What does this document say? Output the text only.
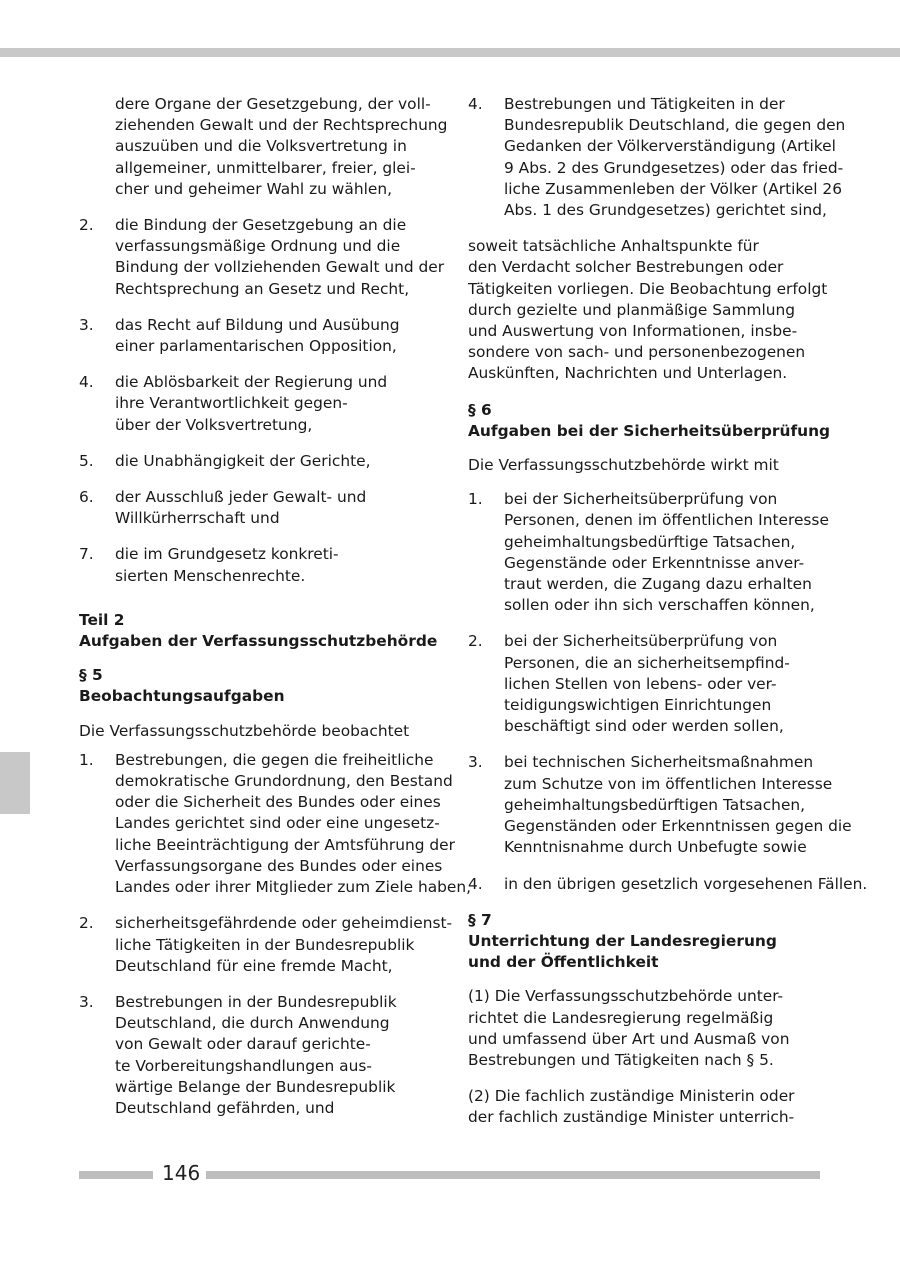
dere Organe der Gesetzgebung, der voll-
ziehenden Gewalt und der Rechtsprechung
auszuüben und die Volksvertretung in
allgemeiner, unmittelbarer, freier, glei-
cher und geheimer Wahl zu wählen,
2.	die Bindung der Gesetzgebung an die
verfassungsmäßige Ordnung und die
Bindung der vollziehenden Gewalt und der
Rechtsprechung an Gesetz und Recht,
3.	das Recht auf Bildung und Ausübung
einer parlamentarischen Opposition,
4.	die Ablösbarkeit der Regierung und
ihre Verantwortlichkeit gegen-
über der Volksvertretung,
5.	die Unabhängigkeit der Gerichte,
6.	der Ausschluß jeder Gewalt- und
Willkürherrschaft und
7.	die im Grundgesetz konkreti-
sierten Menschenrechte.
Teil 2
Aufgaben der Verfassungsschutzbehörde
§ 5
Beobachtungsaufgaben
Die Verfassungsschutzbehörde beobachtet
1.	Bestrebungen, die gegen die freiheitliche
demokratische Grundordnung, den Bestand
oder die Sicherheit des Bundes oder eines
Landes gerichtet sind oder eine ungesetz-
liche Beeinträchtigung der Amtsführung der
Verfassungsorgane des Bundes oder eines
Landes oder ihrer Mitglieder zum Ziele haben,
2.	sicherheitsgefährdende oder geheimdienst-
liche Tätigkeiten in der Bundesrepublik
Deutschland für eine fremde Macht,
3.	Bestrebungen in der Bundesrepublik
Deutschland, die durch Anwendung
von Gewalt oder darauf gerichte-
te Vorbereitungshandlungen aus-
wärtige Belange der Bundesrepublik
Deutschland gefährden, und
4.	Bestrebungen und Tätigkeiten in der
Bundesrepublik Deutschland, die gegen den
Gedanken der Völkerverständigung (Artikel
9 Abs. 2 des Grundgesetzes) oder das fried-
liche Zusammenleben der Völker (Artikel 26
Abs. 1 des Grundgesetzes) gerichtet sind,
soweit tatsächliche Anhaltspunkte für
den Verdacht solcher Bestrebungen oder
Tätigkeiten vorliegen. Die Beobachtung erfolgt
durch gezielte und planmäßige Sammlung
und Auswertung von Informationen, insbe-
sondere von sach- und personenbezogenen
Auskünften, Nachrichten und Unterlagen.
§ 6
Aufgaben bei der Sicherheitsüberprüfung
Die Verfassungsschutzbehörde wirkt mit
1.	bei der Sicherheitsüberprüfung von
Personen, denen im öffentlichen Interesse
geheimhaltungsbedürftige Tatsachen,
Gegenstände oder Erkenntnisse anver-
traut werden, die Zugang dazu erhalten
sollen oder ihn sich verschaffen können,
2.	bei der Sicherheitsüberprüfung von
Personen, die an sicherheitsempfind-
lichen Stellen von lebens- oder ver-
teidigungswichtigen Einrichtungen
beschäftigt sind oder werden sollen,
3.	bei technischen Sicherheitsmaßnahmen
zum Schutze von im öffentlichen Interesse
geheimhaltungsbedürftigen Tatsachen,
Gegenständen oder Erkenntnissen gegen die
Kenntnisnahme durch Unbefugte sowie
4.	in den übrigen gesetzlich vorgesehenen Fällen.
§ 7
Unterrichtung der Landesregierung
und der Öffentlichkeit
(1) Die Verfassungsschutzbehörde unter-
richtet die Landesregierung regelmäßig
und umfassend über Art und Ausmaß von
Bestrebungen und Tätigkeiten nach § 5.
(2) Die fachlich zuständige Ministerin oder
der fachlich zuständige Minister unterrich-
146
